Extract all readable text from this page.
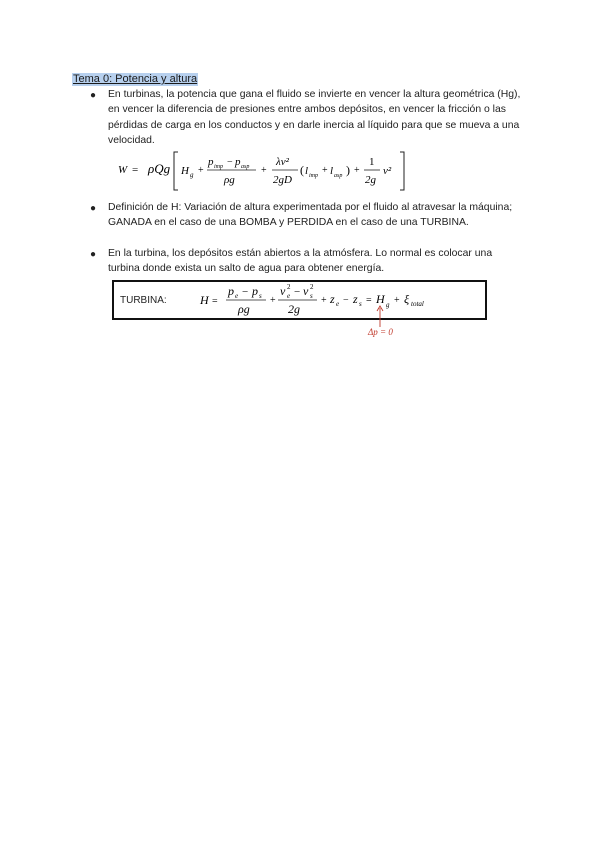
Tema 0: Potencia y altura
● En turbinas, la potencia que gana el fluido se invierte en vencer la altura geométrica (Hg), en vencer la diferencia de presiones entre ambos depósitos, en vencer la fricción o las pérdidas de carga en los conductos y en darle inercia al líquido para que se mueva a una velocidad.
W = ρQg H g +
p imp − p asp
ρg
+
λv²
2gD
( l imp + l asp ) +
1
2g
v²
● Definición de H: Variación de altura experimentada por el fluido al atravesar la máquina; GANADA en el caso de una BOMBA y PERDIDA en el caso de una TURBINA.
● En la turbina, los depósitos están abiertos a la atmósfera. Lo normal es colocar una turbina donde exista un salto de agua para obtener energía.
TURBINA:	H =
p e − p s
ρg
+
v 2
e − v 2
s
2g
+ z e − z s = H g + ξ total
Δp = 0
